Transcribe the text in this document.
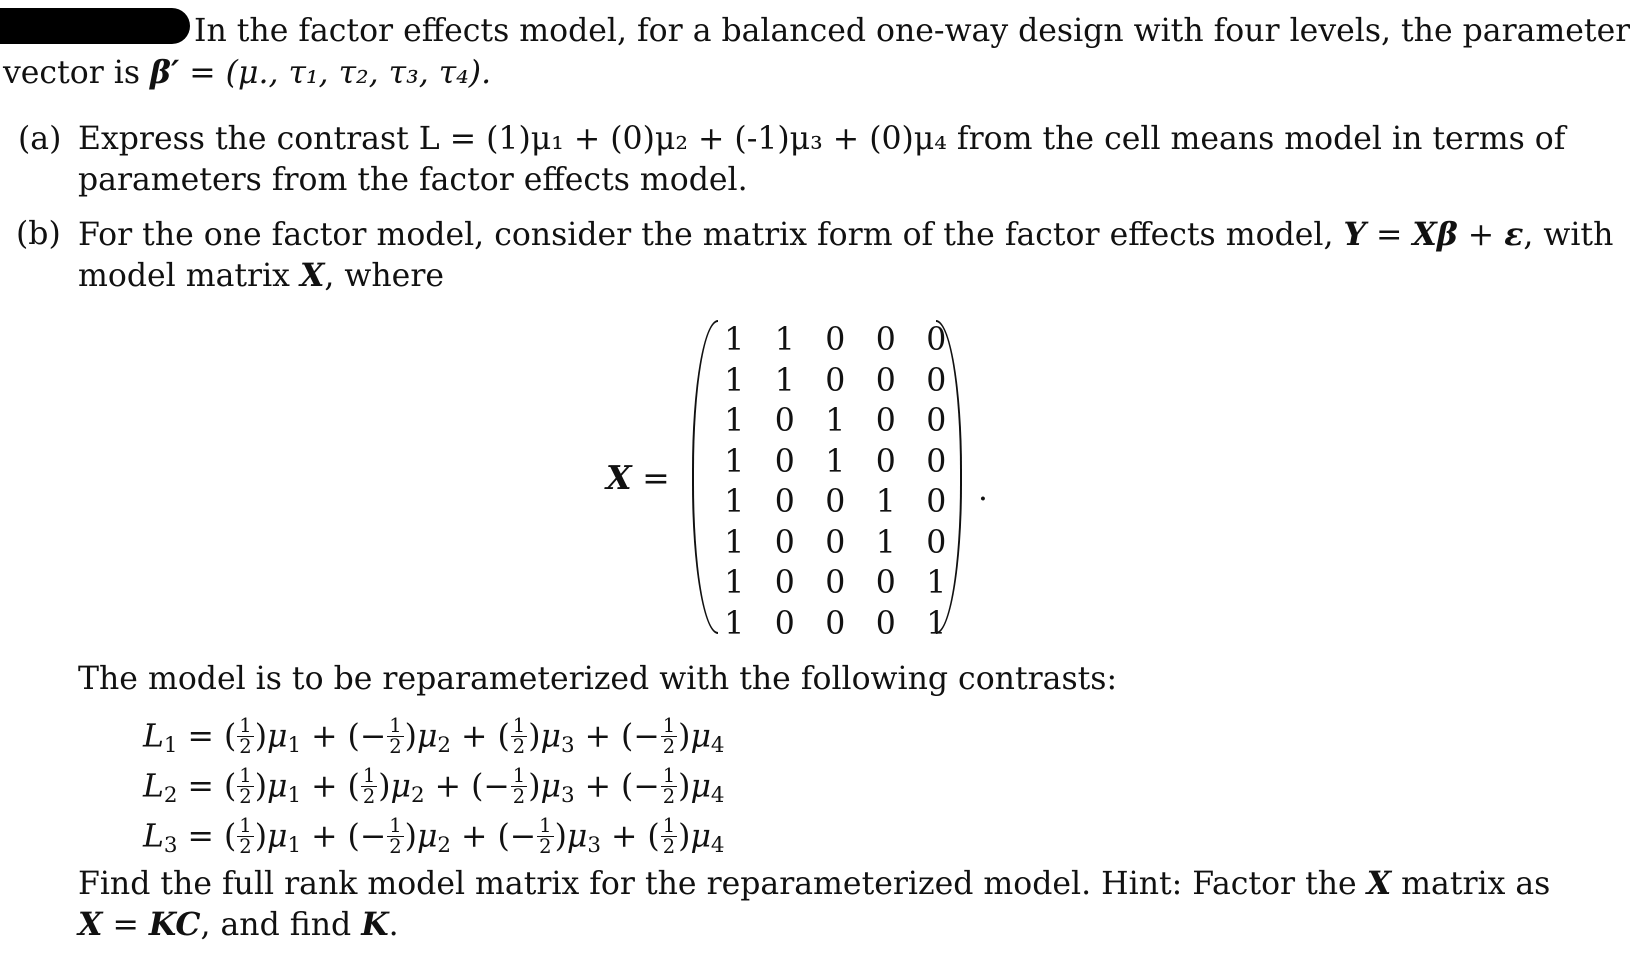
In the factor effects model, for a balanced one-way design with four levels, the parameter
vector is β′ = (μ., τ₁, τ₂, τ₃, τ₄).
(a) Express the contrast L = (1)μ₁ + (0)μ₂ + (-1)μ₃ + (0)μ₄ from the cell means model in terms of
parameters from the factor effects model.
(b) For the one factor model, consider the matrix form of the factor effects model, Y = Xβ + ε, with
model matrix X, where
X =
1 1 0 0 0
1 1 0 0 0
1 0 1 0 0
1 0 1 0 0
1 0 0 1 0
1 0 0 1 0
1 0 0 0 1
1 0 0 0 1
.
The model is to be reparameterized with the following contrasts:
$L_1$ = ( $\frac{1}{2} )\mu_1$ + (− $\frac{1}{2} )\mu_2$ + ( $\frac{1}{2} )\mu_3$ + (− $\frac{1}{2} )\mu_4$
$L_2$ = ( $\frac{1}{2} )\mu_1$ + ( $\frac{1}{2} )\mu_2$ + (− $\frac{1}{2} )\mu_3$ + (− $\frac{1}{2} )\mu_4$
$L_3$ = ( $\frac{1}{2} )\mu_1$ + (− $\frac{1}{2} )\mu_2$ + (− $\frac{1}{2} )\mu_3$ + ( $\frac{1}{2} )\mu_4$
Find the full rank model matrix for the reparameterized model. Hint: Factor the X matrix as
X = KC, and find K.
